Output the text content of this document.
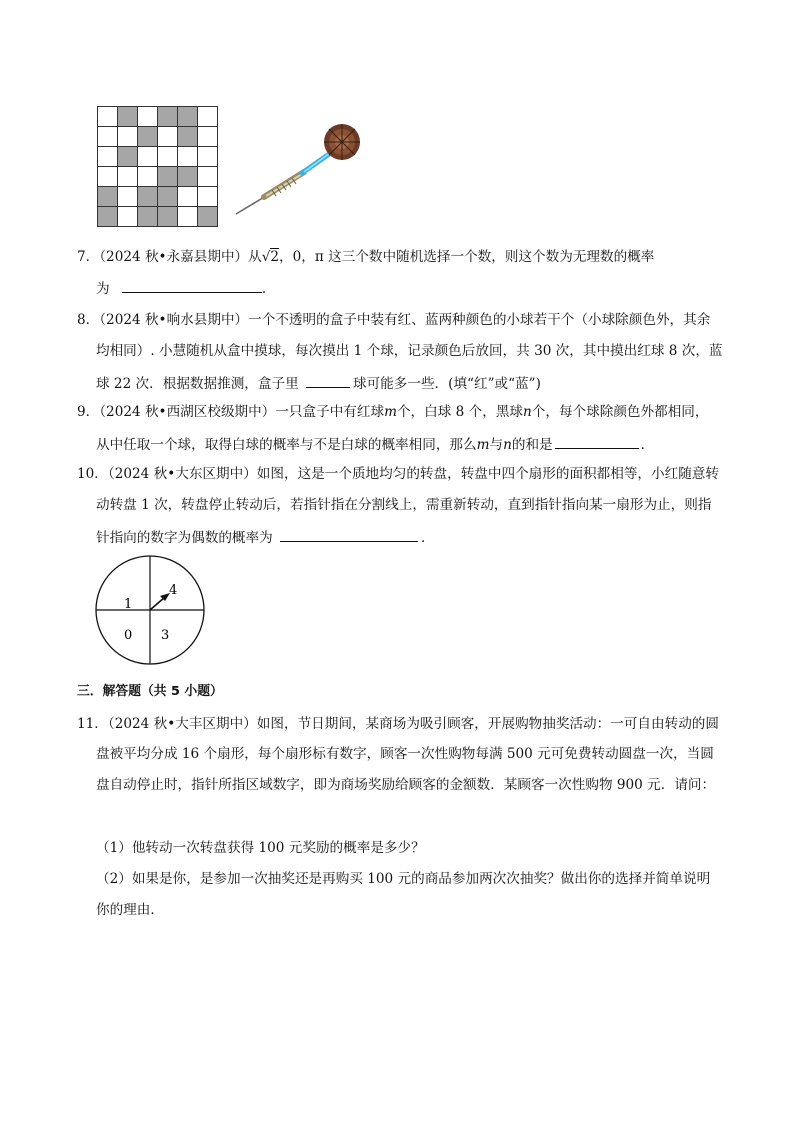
7．（2024 秋•永嘉县期中）从√2，0，π 这三个数中随机选择一个数，则这个数为无理数的概率
为	．
8．（2024 秋•响水县期中）一个不透明的盒子中装有红、蓝两种颜色的小球若干个（小球除颜色外，其余
均相同）. 小慧随机从盒中摸球，每次摸出 1 个球，记录颜色后放回，共 30 次，其中摸出红球 8 次，蓝
球 22 次．根据数据推测，盒子里	球可能多一些．(填“红”或“蓝”)
9．（2024 秋•西湖区校级期中）一只盒子中有红球m个，白球 8 个，黑球n个，每个球除颜色外都相同，
从中任取一个球，取得白球的概率与不是白球的概率相同，那么m与n的和是	．
10．（2024 秋•大东区期中）如图，这是一个质地均匀的转盘，转盘中四个扇形的面积都相等，小红随意转
动转盘 1 次，转盘停止转动后，若指针指在分割线上，需重新转动，直到指针指向某一扇形为止，则指
针指向的数字为偶数的概率为	．
1
4
0 3
三．解答题（共 5 小题）
11．（2024 秋•大丰区期中）如图，节日期间，某商场为吸引顾客，开展购物抽奖活动：一可自由转动的圆
盘被平均分成 16 个扇形，每个扇形标有数字，顾客一次性购物每满 500 元可免费转动圆盘一次，当圆
盘自动停止时，指针所指区域数字，即为商场奖励给顾客的金额数．某顾客一次性购物 900 元．请问：
（1）他转动一次转盘获得 100 元奖励的概率是多少？
（2）如果是你，是参加一次抽奖还是再购买 100 元的商品参加两次次抽奖？做出你的选择并简单说明
你的理由．
